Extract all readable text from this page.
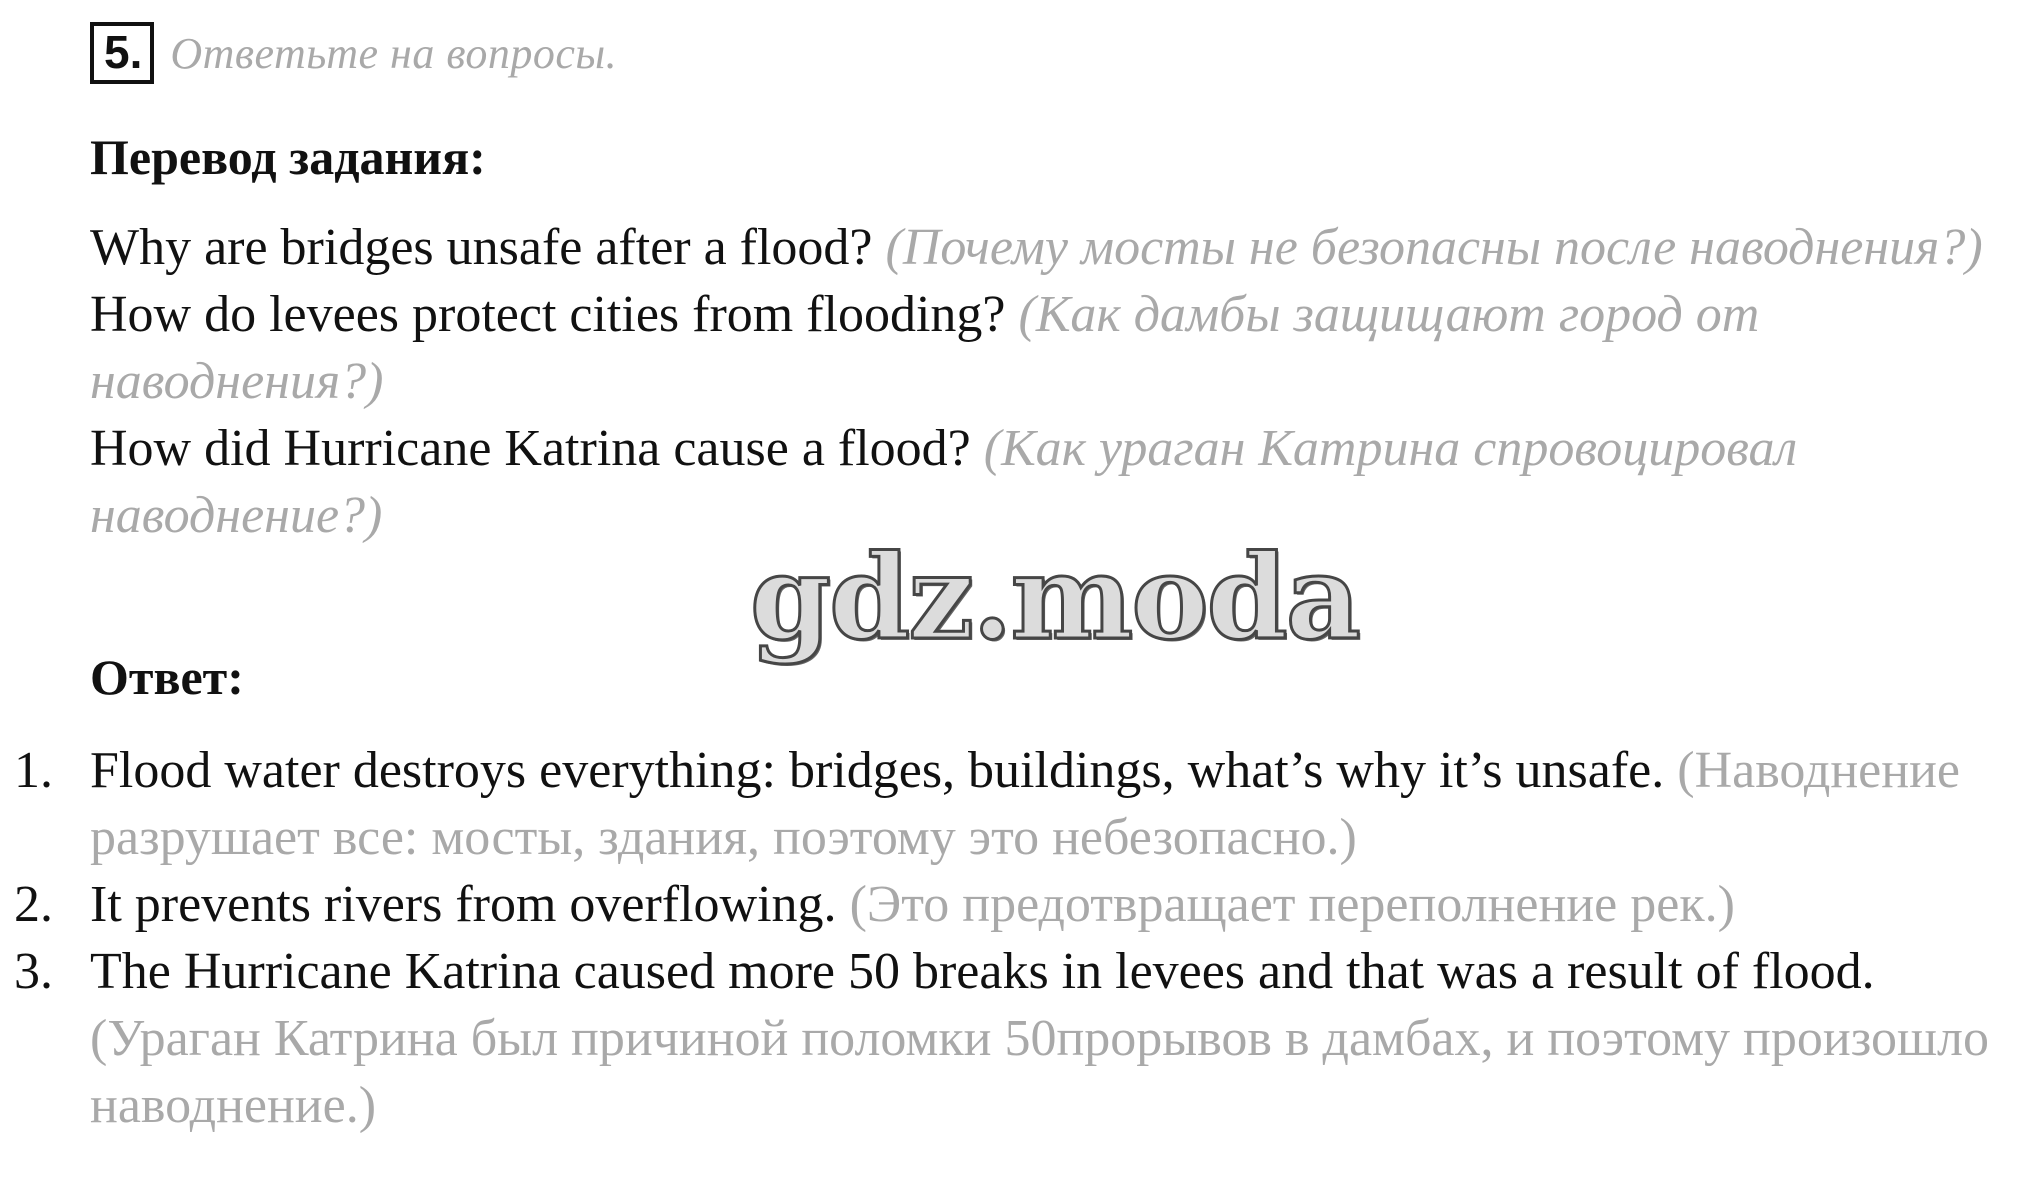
5. Ответьте на вопросы.
Перевод задания:
Why are bridges unsafe after a flood? (Почему мосты не безопасны после наводнения?)
How do levees protect cities from flooding? (Как дамбы защищают город от наводнения?)
How did Hurricane Katrina cause a flood? (Как ураган Катрина спровоцировал наводнение?)
Ответ:
1. Flood water destroys everything: bridges, buildings, what’s why it’s unsafe. (Наводнение разрушает все: мосты, здания, поэтому это небезопасно.)
2. It prevents rivers from overflowing. (Это предотвращает переполнение рек.)
3. The Hurricane Katrina caused more 50 breaks in levees and that was a result of flood. (Ураган Катрина был причиной поломки 50прорывов в дамбах, и поэтому произошло наводнение.)
gdz.moda
